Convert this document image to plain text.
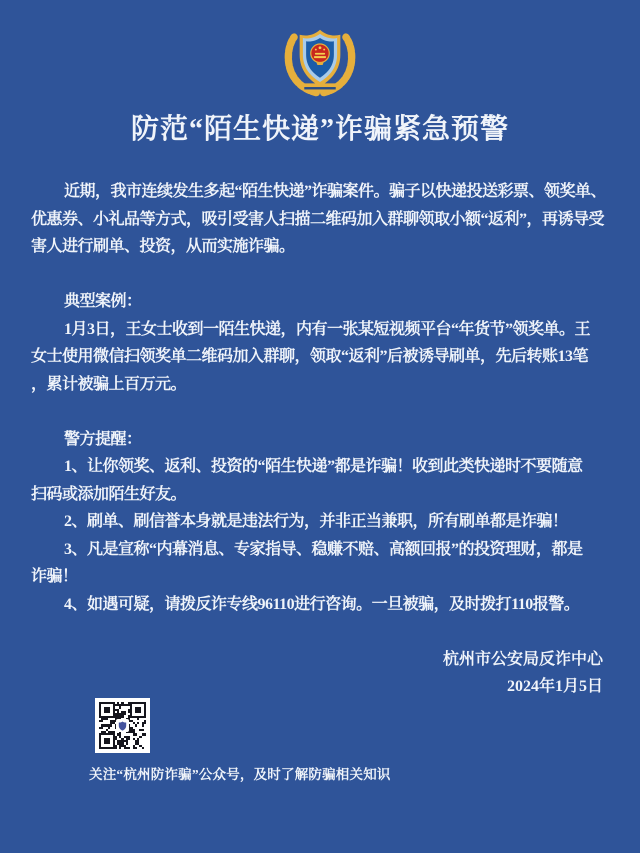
防范“陌生快递”诈骗紧急预警
近期，我市连续发生多起“陌生快递”诈骗案件。骗子以快递投送彩票、领奖单、
优惠券、小礼品等方式，吸引受害人扫描二维码加入群聊领取小额“返利”，再诱导受
害人进行刷单、投资，从而实施诈骗。
典型案例：
1月3日，王女士收到一陌生快递，内有一张某短视频平台“年货节”领奖单。王
女士使用微信扫领奖单二维码加入群聊，领取“返利”后被诱导刷单，先后转账13笔
，累计被骗上百万元。
警方提醒：
1、让你领奖、返利、投资的“陌生快递”都是诈骗！收到此类快递时不要随意
扫码或添加陌生好友。
2、刷单、刷信誉本身就是违法行为，并非正当兼职，所有刷单都是诈骗！
3、凡是宣称“内幕消息、专家指导、稳赚不赔、高额回报”的投资理财，都是
诈骗！
4、如遇可疑，请拨反诈专线96110进行咨询。一旦被骗，及时拨打110报警。
杭州市公安局反诈中心
2024年1月5日
关注“杭州防诈骗”公众号，及时了解防骗相关知识
